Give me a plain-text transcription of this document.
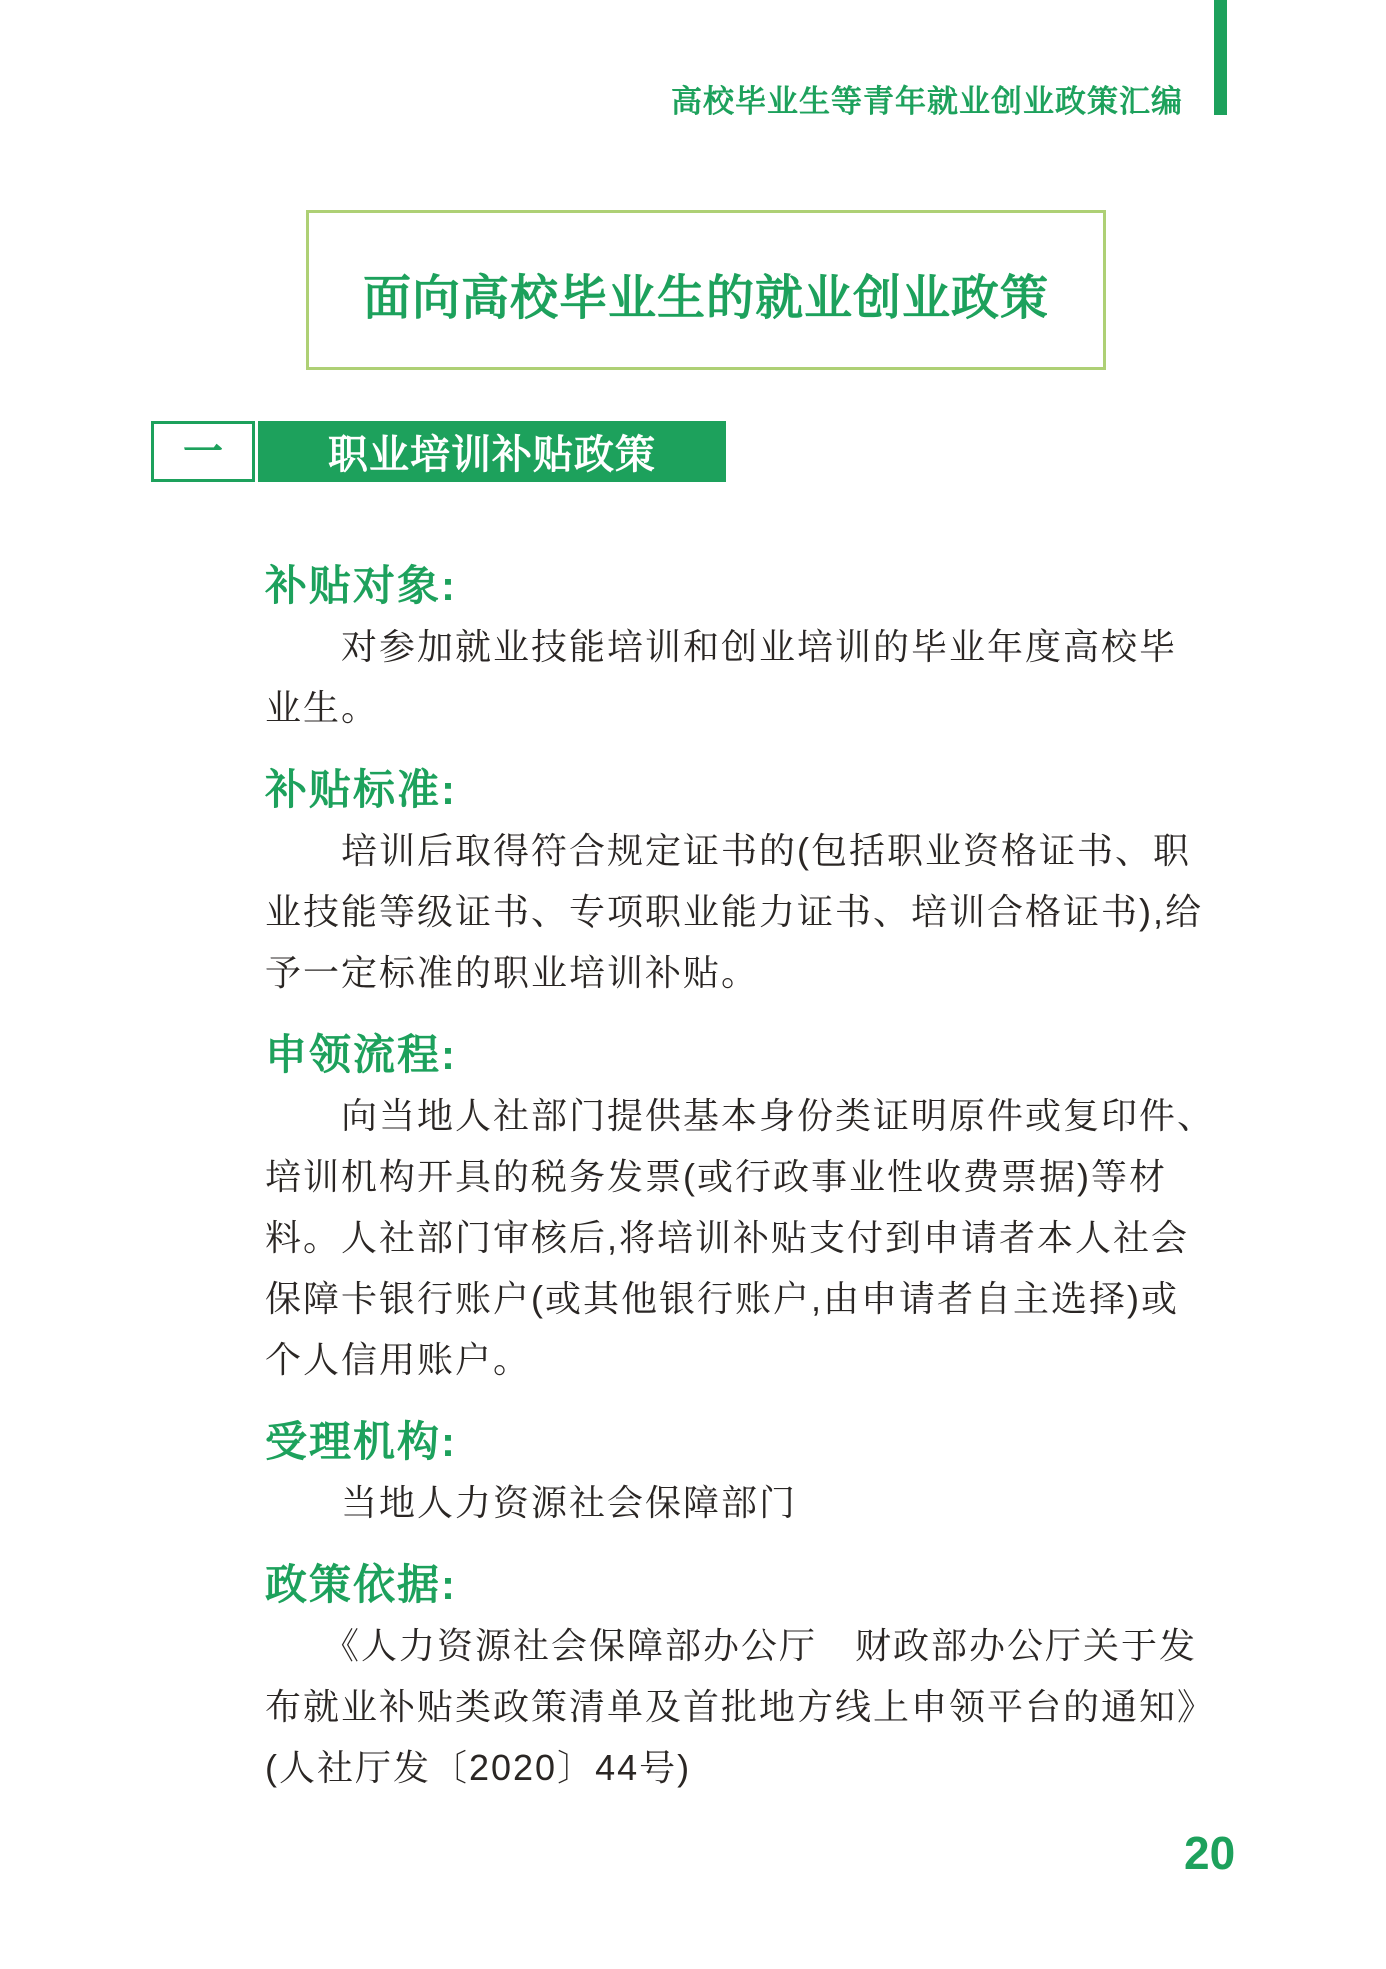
高校毕业生等青年就业创业政策汇编
面向高校毕业生的就业创业政策
一	职业培训补贴政策
补贴对象:
　　对参加就业技能培训和创业培训的毕业年度高校毕
业生。
补贴标准:
　　培训后取得符合规定证书的(包括职业资格证书、职
业技能等级证书、专项职业能力证书、培训合格证书),给
予一定标准的职业培训补贴。
申领流程:
　　向当地人社部门提供基本身份类证明原件或复印件、
培训机构开具的税务发票(或行政事业性收费票据)等材
料。人社部门审核后,将培训补贴支付到申请者本人社会
保障卡银行账户(或其他银行账户,由申请者自主选择)或
个人信用账户。
受理机构:
　　当地人力资源社会保障部门
政策依据:
　　《人力资源社会保障部办公厅　财政部办公厅关于发
布就业补贴类政策清单及首批地方线上申领平台的通知》
(人社厅发〔2020〕44号)
20
